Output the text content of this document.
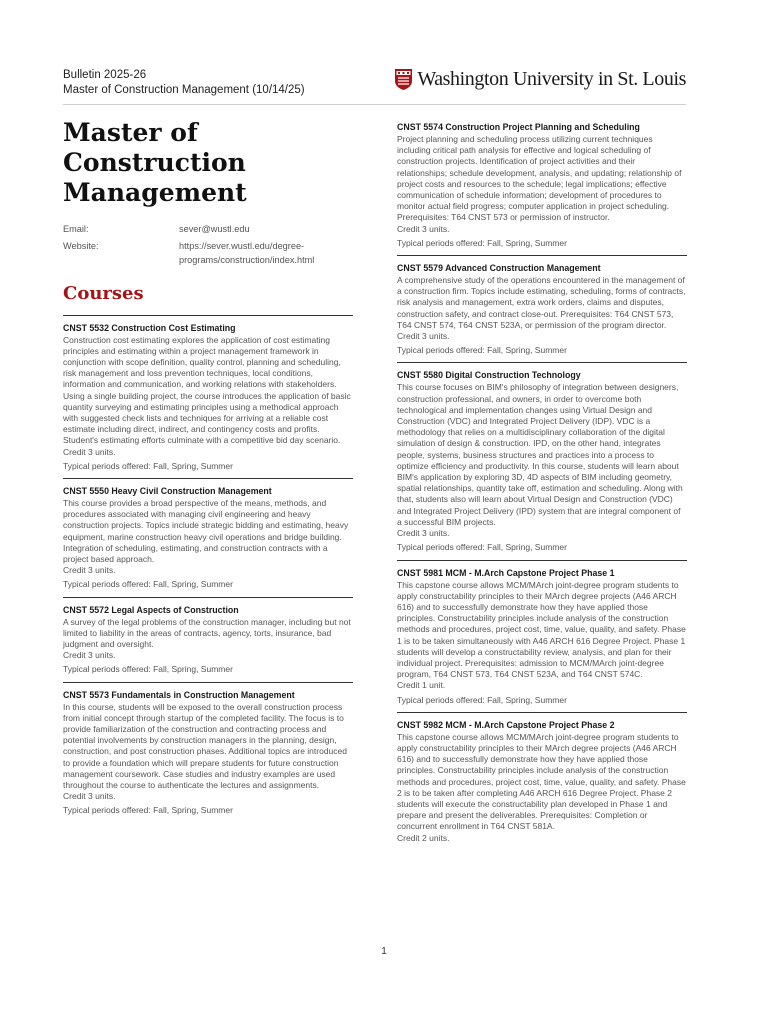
Bulletin 2025-26
Master of Construction Management (10/14/25)	Washington University in St. Louis
Master of
Construction
Management
Email:	sever@wustl.edu
Website:	https://sever.wustl.edu/degree-programs/construction/index.html
Courses
CNST 5532 Construction Cost Estimating
Construction cost estimating explores the application of cost estimating principles and estimating within a project management framework in conjunction with scope definition, quality control, planning and scheduling, risk management and loss prevention techniques, local conditions, information and communication, and working relations with stakeholders. Using a single building project, the course introduces the application of basic quantity surveying and estimating principles using a methodical approach with suggested check lists and techniques for arriving at a reliable cost estimate including direct, indirect, and contingency costs and profits. Student's estimating efforts culminate with a competitive bid day scenario.
Credit 3 units.
Typical periods offered: Fall, Spring, Summer
CNST 5550 Heavy Civil Construction Management
This course provides a broad perspective of the means, methods, and procedures associated with managing civil engineering and heavy construction projects. Topics include strategic bidding and estimating, heavy equipment, marine construction heavy civil operations and bridge building. Integration of scheduling, estimating, and construction contracts with a project based approach.
Credit 3 units.
Typical periods offered: Fall, Spring, Summer
CNST 5572 Legal Aspects of Construction
A survey of the legal problems of the construction manager, including but not limited to liability in the areas of contracts, agency, torts, insurance, bad judgment and oversight.
Credit 3 units.
Typical periods offered: Fall, Spring, Summer
CNST 5573 Fundamentals in Construction Management
In this course, students will be exposed to the overall construction process from initial concept through startup of the completed facility. The focus is to provide familiarization of the construction and contracting process and potential involvements by construction managers in the planning, design, construction, and post construction phases. Additional topics are introduced to provide a foundation which will prepare students for future construction management coursework. Case studies and industry examples are used throughout the course to authenticate the lectures and assignments.
Credit 3 units.
Typical periods offered: Fall, Spring, Summer
CNST 5574 Construction Project Planning and Scheduling
Project planning and scheduling process utilizing current techniques including critical path analysis for effective and logical scheduling of construction projects. Identification of project activities and their relationships; schedule development, analysis, and updating; relationship of project costs and resources to the schedule; legal implications; effective communication of schedule information; development of procedures to monitor actual field progress; computer application in project scheduling. Prerequisites: T64 CNST 573 or permission of instructor.
Credit 3 units.
Typical periods offered: Fall, Spring, Summer
CNST 5579 Advanced Construction Management
A comprehensive study of the operations encountered in the management of a construction firm. Topics include estimating, scheduling, forms of contracts, risk analysis and management, extra work orders, claims and disputes, construction safety, and contract close-out. Prerequisites: T64 CNST 573, T64 CNST 574, T64 CNST 523A, or permission of the program director.
Credit 3 units.
Typical periods offered: Fall, Spring, Summer
CNST 5580 Digital Construction Technology
This course focuses on BIM's philosophy of integration between designers, construction professional, and owners, in order to overcome both technological and implementation changes using Virtual Design and Construction (VDC) and Integrated Project Delivery (IDP). VDC is a methodology that relies on a multidisciplinary collaboration of the digital simulation of design & construction. IPD, on the other hand, integrates people, systems, business structures and practices into a process to optimize efficiency and productivity. In this course, students will learn about BIM's application by exploring 3D, 4D aspects of BIM including geometry, spatial relationships, quantity take off, estimation and scheduling. Along with that, students also will learn about Virtual Design and Construction (VDC) and Integrated Project Delivery (IPD) system that are integral component of a successful BIM projects.
Credit 3 units.
Typical periods offered: Fall, Spring, Summer
CNST 5981 MCM - M.Arch Capstone Project Phase 1
This capstone course allows MCM/MArch joint-degree program students to apply constructability principles to their MArch degree projects (A46 ARCH 616) and to successfully demonstrate how they have applied those principles. Constructability principles include analysis of the construction methods and procedures, project cost, time, value, quality, and safety. Phase 1 is to be taken simultaneously with A46 ARCH 616 Degree Project. Phase 1 students will develop a constructability review, analysis, and plan for their individual project. Prerequisites: admission to MCM/MArch joint-degree program, T64 CNST 573, T64 CNST 523A, and T64 CNST 574C.
Credit 1 unit.
Typical periods offered: Fall, Spring, Summer
CNST 5982 MCM - M.Arch Capstone Project Phase 2
This capstone course allows MCM/MArch joint-degree program students to apply constructability principles to their MArch degree projects (A46 ARCH 616) and to successfully demonstrate how they have applied those principles. Constructability principles include analysis of the construction methods and procedures, project cost, time, value, quality, and safety. Phase 2 is to be taken after completing A46 ARCH 616 Degree Project. Phase 2 students will execute the constructability plan developed in Phase 1 and prepare and present the deliverables. Prerequisites: Completion or concurrent enrollment in T64 CNST 581A.
Credit 2 units.
1
